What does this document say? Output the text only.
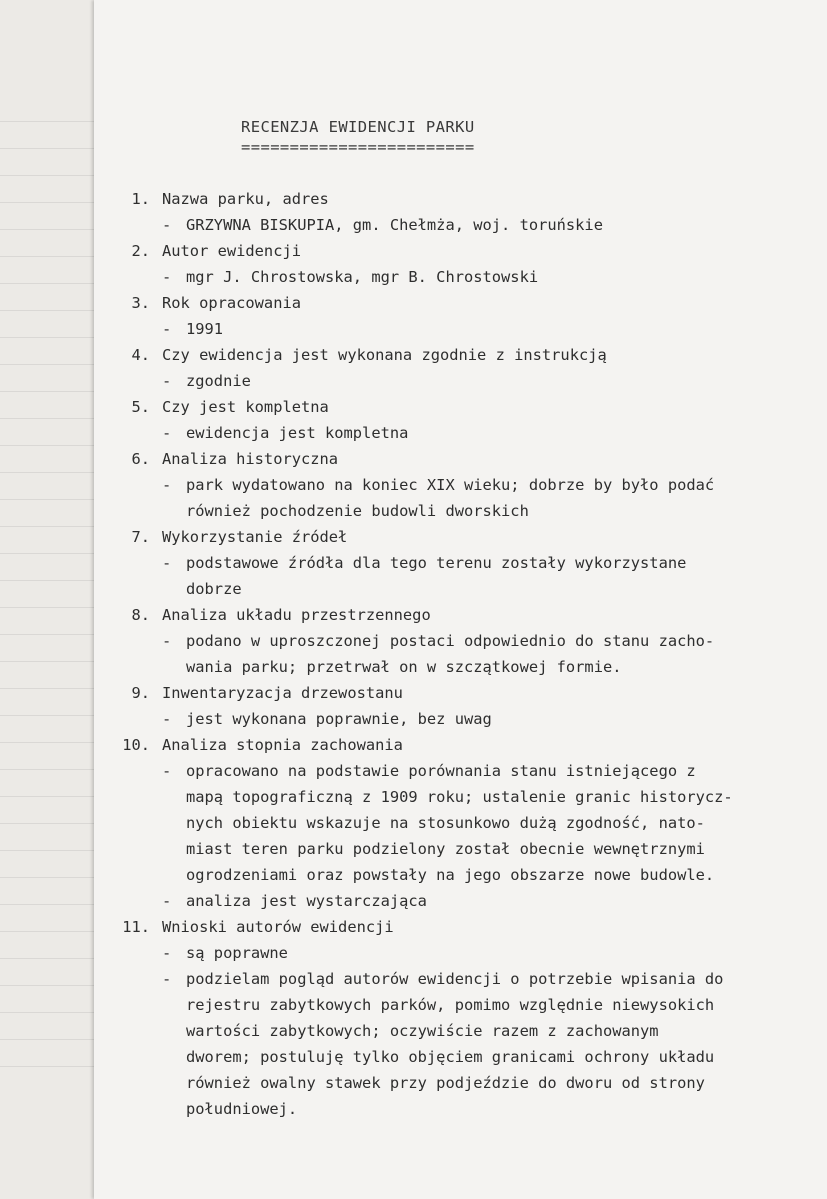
RECENZJA EWIDENCJI PARKU
========================
1. Nazwa parku, adres
- GRZYWNA BISKUPIA, gm. Chełmża, woj. toruńskie
2. Autor ewidencji
- mgr J. Chrostowska, mgr B. Chrostowski
3. Rok opracowania
- 1991
4. Czy ewidencja jest wykonana zgodnie z instrukcją
- zgodnie
5. Czy jest kompletna
- ewidencja jest kompletna
6. Analiza historyczna
- park wydatowano na koniec XIX wieku; dobrze by było podać
również pochodzenie budowli dworskich
7. Wykorzystanie źródeł
- podstawowe źródła dla tego terenu zostały wykorzystane
dobrze
8. Analiza układu przestrzennego
- podano w uproszczonej postaci odpowiednio do stanu zacho-
wania parku; przetrwał on w szczątkowej formie.
9. Inwentaryzacja drzewostanu
- jest wykonana poprawnie, bez uwag
10. Analiza stopnia zachowania
- opracowano na podstawie porównania stanu istniejącego z
mapą topograficzną z 1909 roku; ustalenie granic historycz-
nych obiektu wskazuje na stosunkowo dużą zgodność, nato-
miast teren parku podzielony został obecnie wewnętrznymi
ogrodzeniami oraz powstały na jego obszarze nowe budowle.
- analiza jest wystarczająca
11. Wnioski autorów ewidencji
- są poprawne
- podzielam pogląd autorów ewidencji o potrzebie wpisania do
rejestru zabytkowych parków, pomimo względnie niewysokich
wartości zabytkowych; oczywiście razem z zachowanym
dworem; postuluję tylko objęciem granicami ochrony układu
również owalny stawek przy podjeździe do dworu od strony
południowej.
